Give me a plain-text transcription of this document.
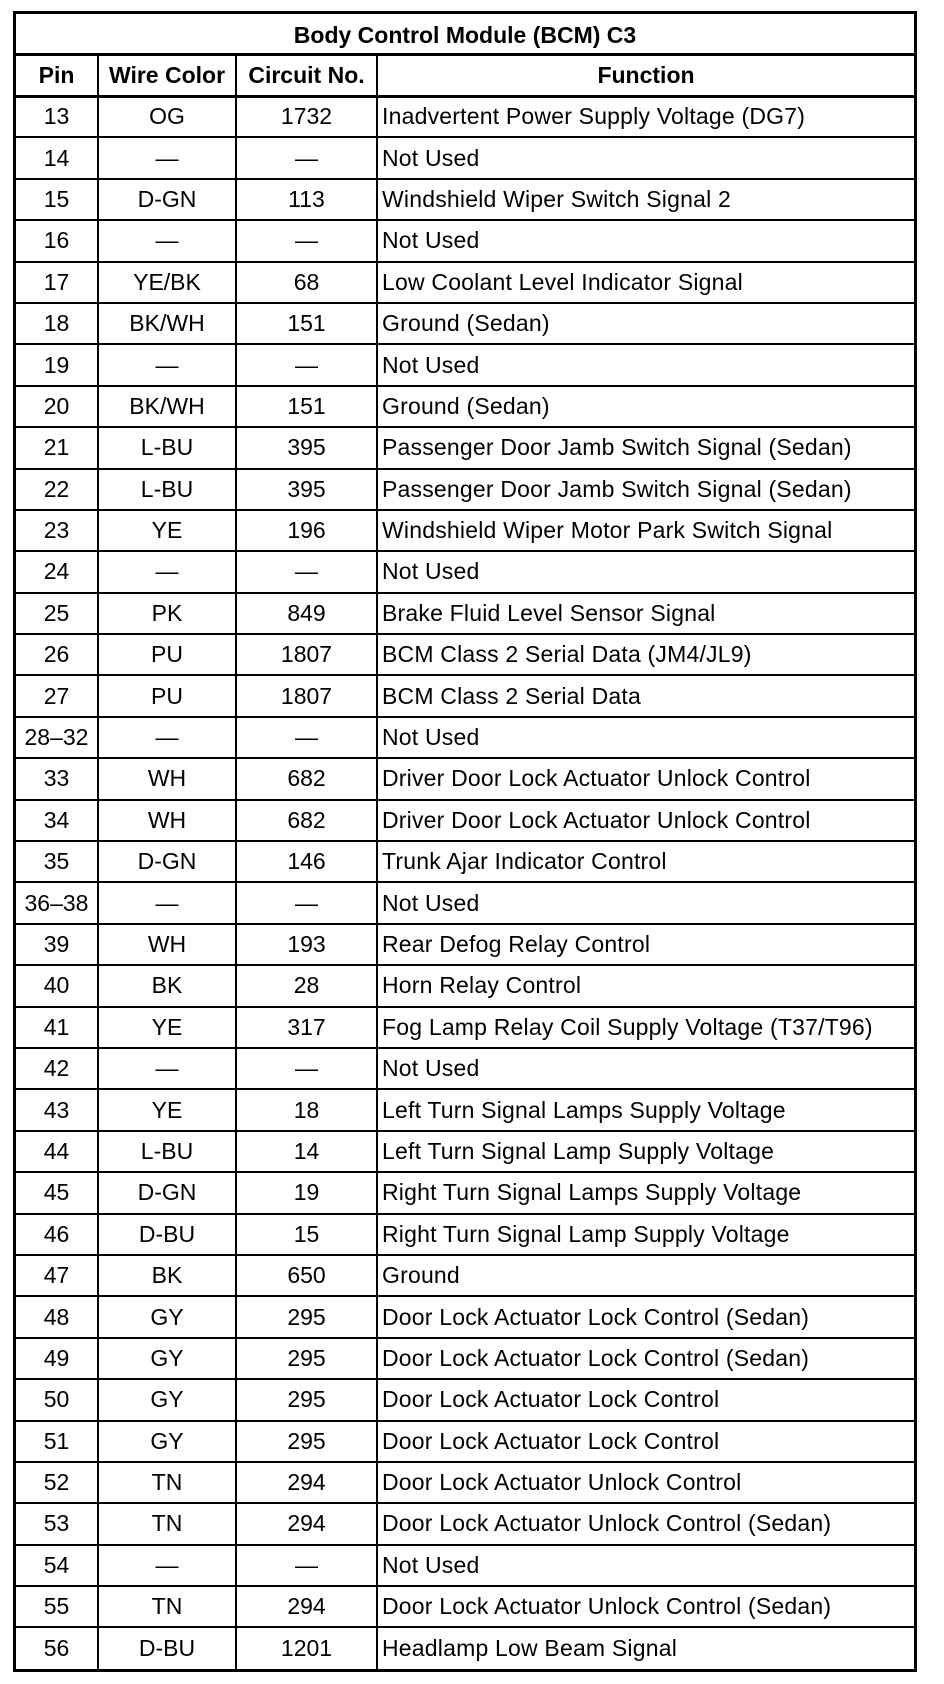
Body Control Module (BCM) C3
Pin	Wire Color	Circuit No.	Function
13	OG	1732	Inadvertent Power Supply Voltage (DG7)
14	—	—	Not Used
15	D-GN	113	Windshield Wiper Switch Signal 2
16	—	—	Not Used
17	YE/BK	68	Low Coolant Level Indicator Signal
18	BK/WH	151	Ground (Sedan)
19	—	—	Not Used
20	BK/WH	151	Ground (Sedan)
21	L-BU	395	Passenger Door Jamb Switch Signal (Sedan)
22	L-BU	395	Passenger Door Jamb Switch Signal (Sedan)
23	YE	196	Windshield Wiper Motor Park Switch Signal
24	—	—	Not Used
25	PK	849	Brake Fluid Level Sensor Signal
26	PU	1807	BCM Class 2 Serial Data (JM4/JL9)
27	PU	1807	BCM Class 2 Serial Data
28–32	—	—	Not Used
33	WH	682	Driver Door Lock Actuator Unlock Control
34	WH	682	Driver Door Lock Actuator Unlock Control
35	D-GN	146	Trunk Ajar Indicator Control
36–38	—	—	Not Used
39	WH	193	Rear Defog Relay Control
40	BK	28	Horn Relay Control
41	YE	317	Fog Lamp Relay Coil Supply Voltage (T37/T96)
42	—	—	Not Used
43	YE	18	Left Turn Signal Lamps Supply Voltage
44	L-BU	14	Left Turn Signal Lamp Supply Voltage
45	D-GN	19	Right Turn Signal Lamps Supply Voltage
46	D-BU	15	Right Turn Signal Lamp Supply Voltage
47	BK	650	Ground
48	GY	295	Door Lock Actuator Lock Control (Sedan)
49	GY	295	Door Lock Actuator Lock Control (Sedan)
50	GY	295	Door Lock Actuator Lock Control
51	GY	295	Door Lock Actuator Lock Control
52	TN	294	Door Lock Actuator Unlock Control
53	TN	294	Door Lock Actuator Unlock Control (Sedan)
54	—	—	Not Used
55	TN	294	Door Lock Actuator Unlock Control (Sedan)
56	D-BU	1201	Headlamp Low Beam Signal
